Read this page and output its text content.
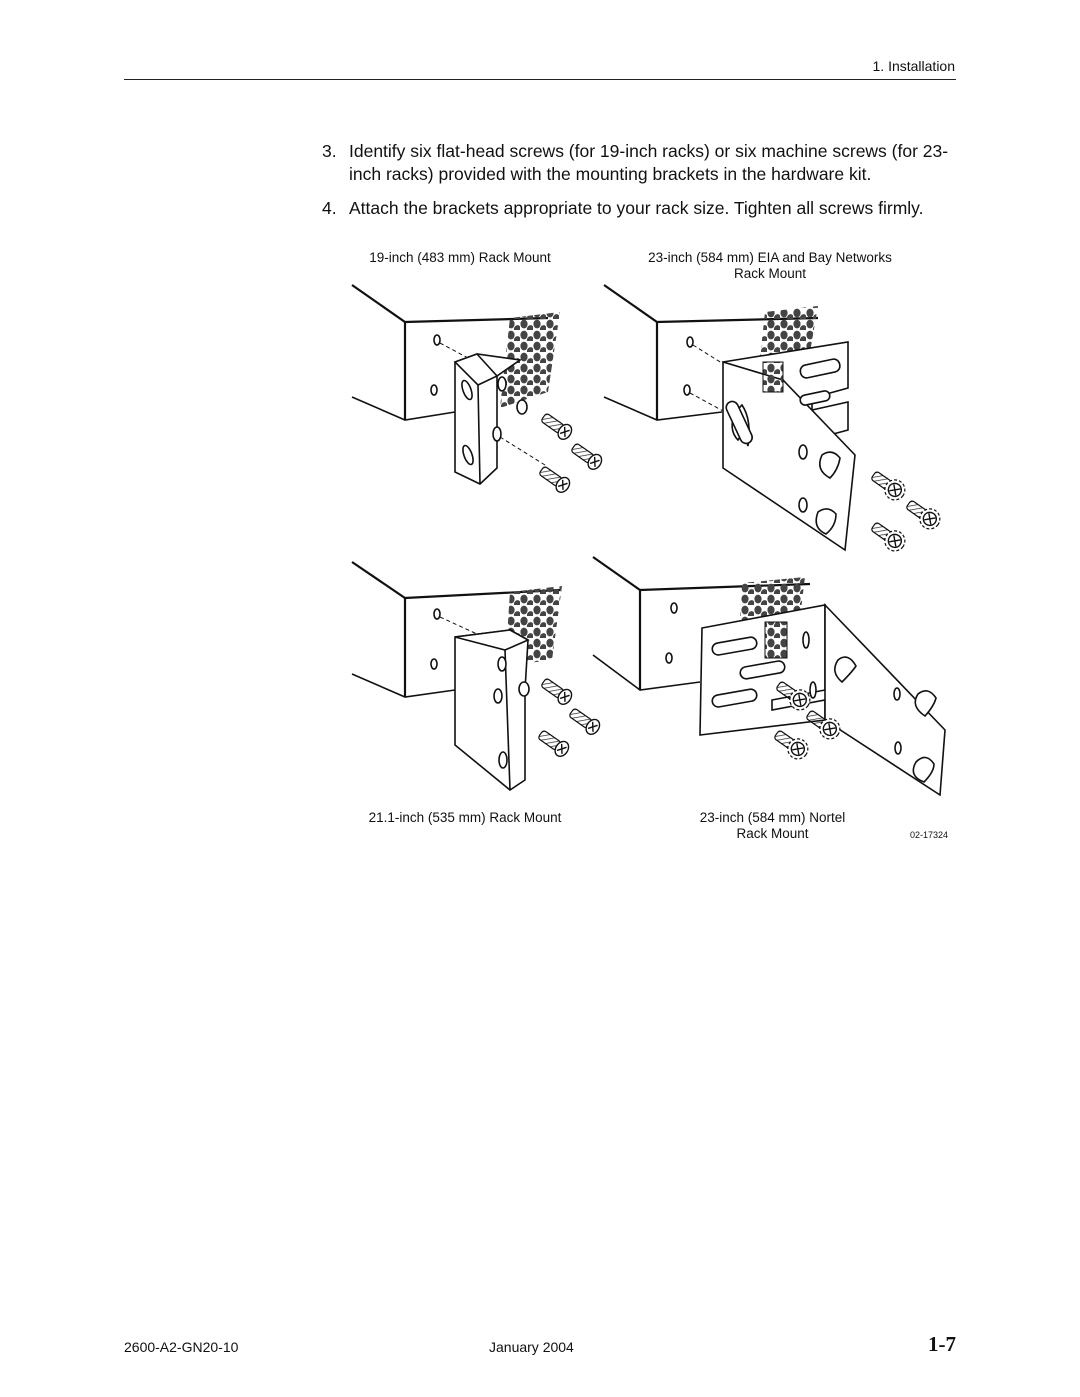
1. Installation
3. Identify six flat-head screws (for 19-inch racks) or six machine screws (for 23-inch racks) provided with the mounting brackets in the hardware kit.
4. Attach the brackets appropriate to your rack size. Tighten all screws firmly.
19-inch (483 mm) Rack Mount	23-inch (584 mm) EIA and Bay Networks
Rack Mount
21.1-inch (535 mm) Rack Mount	23-inch (584 mm) Nortel
Rack Mount	02-17324
2600-A2-GN20-10	January 2004	1-7
